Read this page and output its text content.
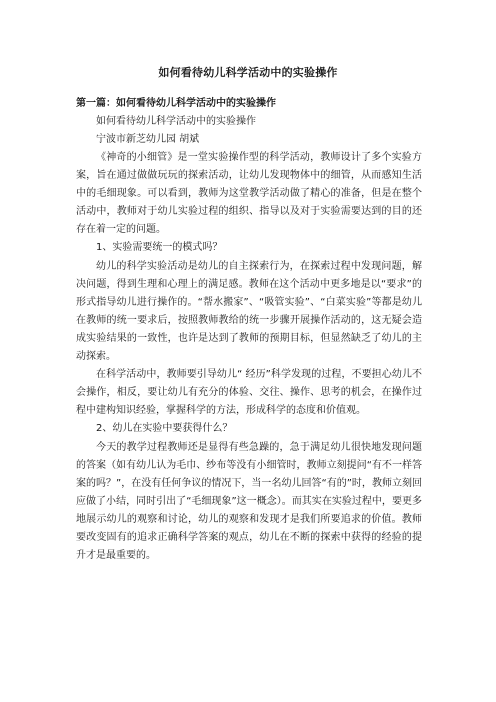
如何看待幼儿科学活动中的实验操作
第一篇：如何看待幼儿科学活动中的实验操作
如何看待幼儿科学活动中的实验操作
宁波市新芝幼儿园 胡斌

《神奇的小细管》是一堂实验操作型的科学活动，教师设计了多个实验方案，旨在通过做做玩玩的探索活动，让幼儿发现物体中的细管，从而感知生活中的毛细现象。可以看到，教师为这堂教学活动做了精心的准备，但是在整个活动中，教师对于幼儿实验过程的组织、指导以及对于实验需要达到的目的还存在着一定的问题。

1、实验需要统一的模式吗？

幼儿的科学实验活动是幼儿的自主探索行为，在探索过程中发现问题，解决问题，得到生理和心理上的满足感。教师在这个活动中更多地是以“要求”的形式指导幼儿进行操作的。“帮水搬家”、“吸管实验”、“白菜实验”等都是幼儿在教师的统一要求后，按照教师教给的统一步骤开展操作活动的，这无疑会造成实验结果的一致性，也许是达到了教师的预期目标，但显然缺乏了幼儿的主动探索。

在科学活动中，教师要引导幼儿“ 经历”科学发现的过程，不要担心幼儿不会操作，相反，要让幼儿有充分的体验、交往、操作、思考的机会，在操作过程中建构知识经验，掌握科学的方法，形成科学的态度和价值观。

2、幼儿在实验中要获得什么？

今天的教学过程教师还是显得有些急躁的，急于满足幼儿很快地发现问题的答案（如有幼儿认为毛巾、纱布等没有小细管时，教师立刻提问“有不一样答案的吗？”，在没有任何争议的情况下，当一名幼儿回答“有的”时，教师立刻回应做了小结，同时引出了“毛细现象”这一概念）。而其实在实验过程中，要更多地展示幼儿的观察和讨论，幼儿的观察和发现才是我们所要追求的价值。教师要改变固有的追求正确科学答案的观点，幼儿在不断的探索中获得的经验的提升才是最重要的。
